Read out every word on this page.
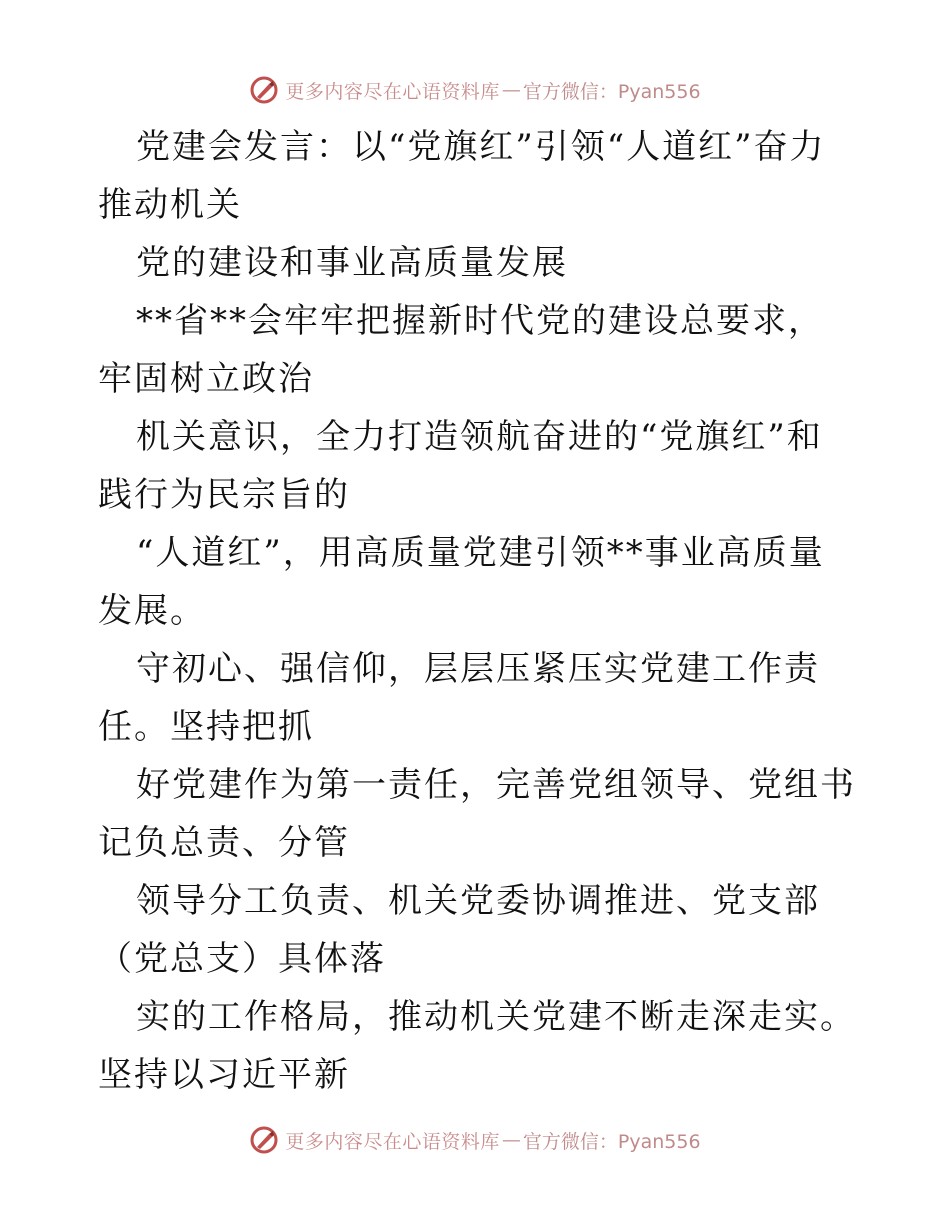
更多内容尽在心语资料库 — 官方微信：Pyan556

党建会发言：以“党旗红”引领“人道红”奋力推动机关

党的建设和事业高质量发展

**省**会牢牢把握新时代党的建设总要求，牢固树立政治

机关意识，全力打造领航奋进的“党旗红”和践行为民宗旨的

“人道红”，用高质量党建引领**事业高质量发展。

守初心、强信仰，层层压紧压实党建工作责任。坚持把抓

好党建作为第一责任，完善党组领导、党组书记负总责、分管

领导分工负责、机关党委协调推进、党支部（党总支）具体落

实的工作格局，推动机关党建不断走深走实。坚持以习近平新

更多内容尽在心语资料库 — 官方微信：Pyan556
